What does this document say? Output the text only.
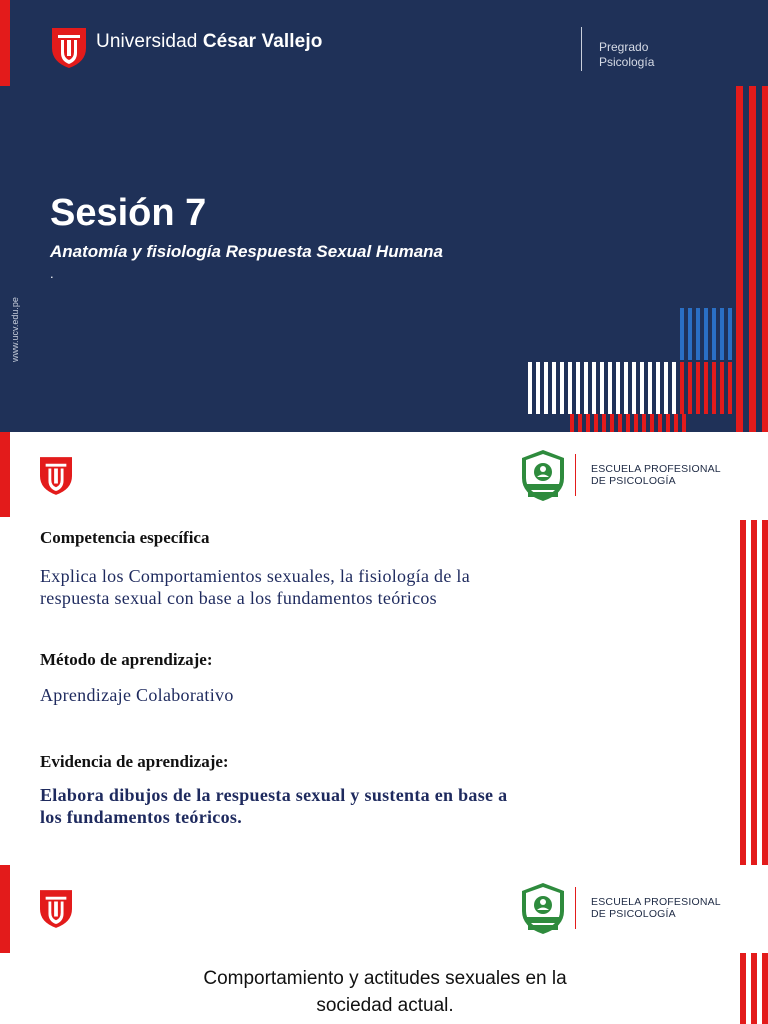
Universidad César Vallejo	Pregrado
Psicología
Sesión 7
Anatomía y fisiología Respuesta Sexual Humana
.
www.ucv.edu.pe
ESCUELA PROFESIONAL
DE PSICOLOGÍA
Competencia específica
Explica los Comportamientos sexuales, la fisiología de la
respuesta sexual con base a los fundamentos teóricos
Método de aprendizaje:
Aprendizaje Colaborativo
Evidencia de aprendizaje:
Elabora dibujos de la respuesta sexual y sustenta en base a
los fundamentos teóricos.
ESCUELA PROFESIONAL
DE PSICOLOGÍA
Comportamiento y actitudes sexuales en la
sociedad actual.
